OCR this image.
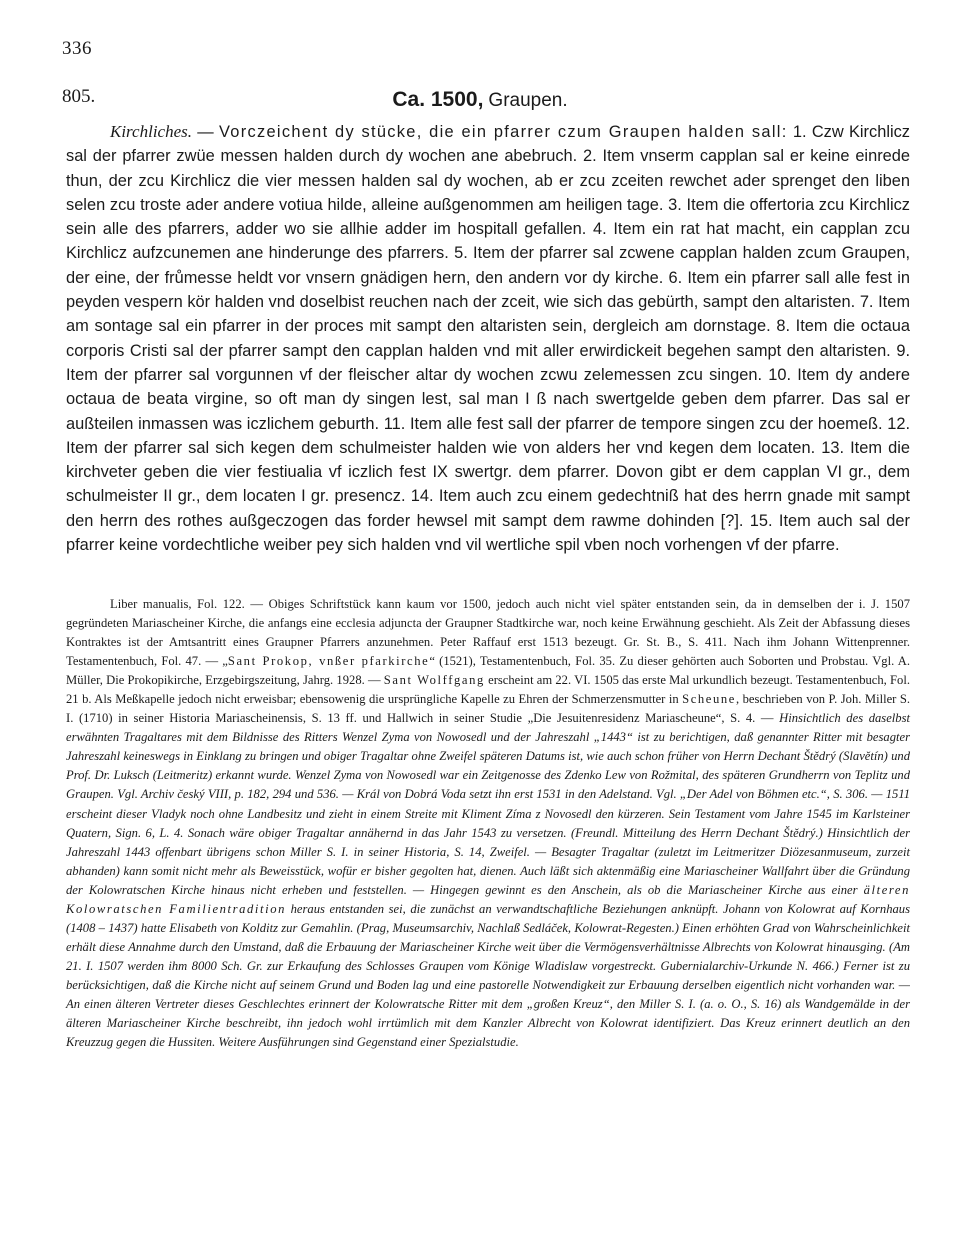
336
805.	Ca. 1500, Graupen.

Kirchliches. — Vorczeichent dy stücke, die ein pfarrer czum Graupen halden sall: 1. Czw Kirchlicz sal der pfarrer zwüe messen halden durch dy wochen ane abebruch. 2. Item vnserm capplan sal er keine einrede thun, der zcu Kirchlicz die vier messen halden sal dy wochen, ab er zcu zceiten rewchet ader sprenget den liben selen zcu troste ader andere votiua hilde, alleine außgenommen am heiligen tage. 3. Item die offertoria zcu Kirchlicz sein alle des pfarrers, adder wo sie allhie adder im hospitall gefallen. 4. Item ein rat hat macht, ein capplan zcu Kirchlicz aufzcunemen ane hinderunge des pfarrers. 5. Item der pfarrer sal zcwene capplan halden zcum Graupen, der eine, der frůmesse heldt vor vnsern gnädigen hern, den andern vor dy kirche. 6. Item ein pfarrer sall alle fest in peyden vespern kör halden vnd doselbist reuchen nach der zceit, wie sich das gebürth, sampt den altaristen. 7. Item am sontage sal ein pfarrer in der proces mit sampt den altaristen sein, dergleich am dornstage. 8. Item die octaua corporis Cristi sal der pfarrer sampt den capplan halden vnd mit aller erwirdickeit begehen sampt den altaristen. 9. Item der pfarrer sal vorgunnen vf der fleischer altar dy wochen zcwu zelemessen zcu singen. 10. Item dy andere octaua de beata virgine, so oft man dy singen lest, sal man I ß nach swertgelde geben dem pfarrer. Das sal er außteilen inmassen was iczlichem geburth. 11. Item alle fest sall der pfarrer de tempore singen zcu der hoemeß. 12. Item der pfarrer sal sich kegen dem schulmeister halden wie von alders her vnd kegen dem locaten. 13. Item die kirchveter geben die vier festiualia vf iczlich fest IX swertgr. dem pfarrer. Dovon gibt er dem capplan VI gr., dem schulmeister II gr., dem locaten I gr. presencz. 14. Item auch zcu einem gedechtniß hat des herrn gnade mit sampt den herrn des rothes außgeczogen das forder hewsel mit sampt dem rawme dohinden [?]. 15. Item auch sal der pfarrer keine vordechtliche weiber pey sich halden vnd vil wertliche spil vben noch vorhengen vf der pfarre.

Liber manualis, Fol. 122. — Obiges Schriftstück kann kaum vor 1500, jedoch auch nicht viel später entstanden sein, da in demselben der i. J. 1507 gegründeten Mariascheiner Kirche, die anfangs eine ecclesia adjuncta der Graupner Stadtkirche war, noch keine Erwähnung geschieht. Als Zeit der Abfassung dieses Kontraktes ist der Amtsantritt eines Graupner Pfarrers anzunehmen. Peter Raffauf erst 1513 bezeugt. Gr. St. B., S. 411. Nach ihm Johann Wittenprenner. Testamentenbuch, Fol. 47. — „Sant Prokop, vnßer pfarkirche“ (1521), Testamentenbuch, Fol. 35. Zu dieser gehörten auch Soborten und Probstau. Vgl. A. Müller, Die Prokopikirche, Erzgebirgszeitung, Jahrg. 1928. — Sant Wolffgang erscheint am 22. VI. 1505 das erste Mal urkundlich bezeugt. Testamentenbuch, Fol. 21 b. Als Meßkapelle jedoch nicht erweisbar; ebensowenig die ursprüngliche Kapelle zu Ehren der Schmerzensmutter in Scheune, beschrieben von P. Joh. Miller S. I. (1710) in seiner Historia Mariascheinensis, S. 13 ff. und Hallwich in seiner Studie „Die Jesuitenresidenz Mariascheune“, S. 4. — Hinsichtlich des daselbst erwähnten Tragaltares mit dem Bildnisse des Ritters Wenzel Zyma von Nowosedl und der Jahreszahl „1443“ ist zu berichtigen, daß genannter Ritter mit besagter Jahreszahl keineswegs in Einklang zu bringen und obiger Tragaltar ohne Zweifel späteren Datums ist, wie auch schon früher von Herrn Dechant Štědrý (Slavětín) und Prof. Dr. Luksch (Leitmeritz) erkannt wurde. Wenzel Zyma von Nowosedl war ein Zeitgenosse des Zdenko Lew von Rožmital, des späteren Grundherrn von Teplitz und Graupen. Vgl. Archiv český VIII, p. 182, 294 und 536. — Král von Dobrá Voda setzt ihn erst 1531 in den Adelstand. Vgl. „Der Adel von Böhmen etc.“, S. 306. — 1511 erscheint dieser Vladyk noch ohne Landbesitz und zieht in einem Streite mit Kliment Zíma z Novosedl den kürzeren. Sein Testament vom Jahre 1545 im Karlsteiner Quatern, Sign. 6, L. 4. Sonach wäre obiger Tragaltar annähernd in das Jahr 1543 zu versetzen. (Freundl. Mitteilung des Herrn Dechant Štědrý.) Hinsichtlich der Jahreszahl 1443 offenbart übrigens schon Miller S. I. in seiner Historia, S. 14, Zweifel. — Besagter Tragaltar (zuletzt im Leitmeritzer Diözesanmuseum, zurzeit abhanden) kann somit nicht mehr als Beweisstück, wofür er bisher gegolten hat, dienen. Auch läßt sich aktenmäßig eine Mariascheiner Wallfahrt über die Gründung der Kolowratschen Kirche hinaus nicht erheben und feststellen. — Hingegen gewinnt es den Anschein, als ob die Mariascheiner Kirche aus einer älteren Kolowratschen Familientradition heraus entstanden sei, die zunächst an verwandtschaftliche Beziehungen anknüpft. Johann von Kolowrat auf Kornhaus (1408 – 1437) hatte Elisabeth von Kolditz zur Gemahlin. (Prag, Museumsarchiv, Nachlaß Sedláček, Kolowrat-Regesten.) Einen erhöhten Grad von Wahrscheinlichkeit erhält diese Annahme durch den Umstand, daß die Erbauung der Mariascheiner Kirche weit über die Vermögensverhältnisse Albrechts von Kolowrat hinausging. (Am 21. I. 1507 werden ihm 8000 Sch. Gr. zur Erkaufung des Schlosses Graupen vom Könige Wladislaw vorgestreckt. Gubernialarchiv-Urkunde N. 466.) Ferner ist zu berücksichtigen, daß die Kirche nicht auf seinem Grund und Boden lag und eine pastorelle Notwendigkeit zur Erbauung derselben eigentlich nicht vorhanden war. — An einen älteren Vertreter dieses Geschlechtes erinnert der Kolowratsche Ritter mit dem „großen Kreuz“, den Miller S. I. (a. o. O., S. 16) als Wandgemälde in der älteren Mariascheiner Kirche beschreibt, ihn jedoch wohl irrtümlich mit dem Kanzler Albrecht von Kolowrat identifiziert. Das Kreuz erinnert deutlich an den Kreuzzug gegen die Hussiten. Weitere Ausführungen sind Gegenstand einer Spezialstudie.
